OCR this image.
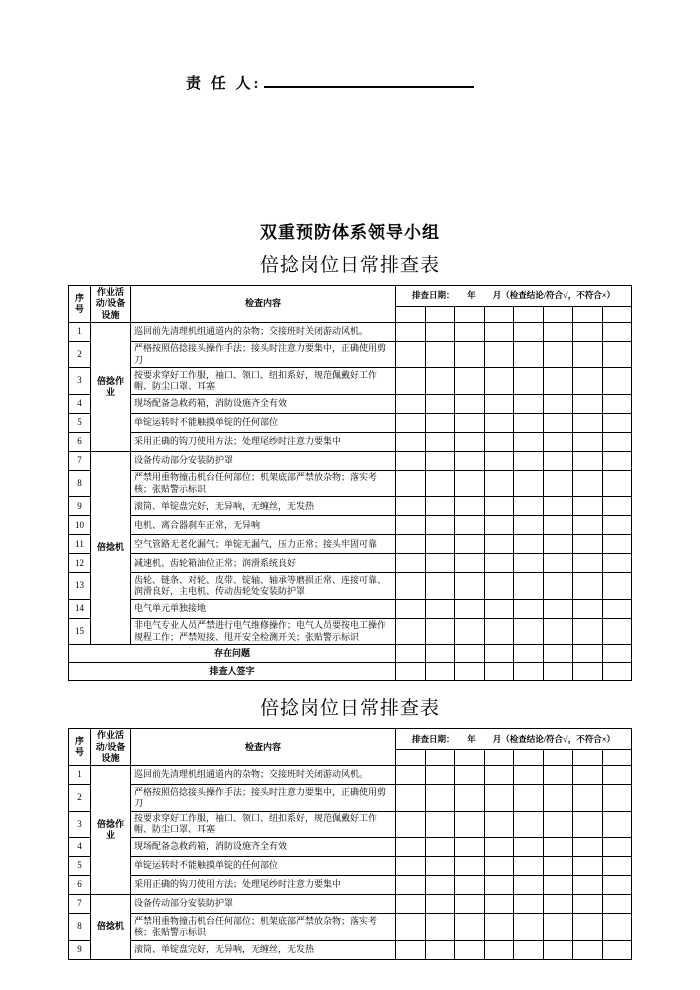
责 任 人:
双重预防体系领导小组
倍捻岗位日常排查表
序号	作业活动/设备设施	检查内容	排查日期：　　年　　月（检查结论/符合√，不符合×）							

1	倍捻作业	巡回前先清理机组通道内的杂物；交接班时关闭游动风机。								
2		严格按照倍捻接头操作手法；接头时注意力要集中，正确使用剪刀								
3		按要求穿好工作服，袖口、领口、纽扣系好，规范佩戴好工作帽、防尘口罩、耳塞								
4		现场配备急救药箱，消防设施齐全有效								
5		单锭运转时不能触摸单锭的任何部位								
6		采用正确的钩刀使用方法；处理尾纱时注意力要集中								
7	倍捻机	设备传动部分安装防护罩								
8		严禁用重物撞击机台任何部位；机架底部严禁放杂物；落实考核；张贴警示标识								
9		滚筒、单锭盘完好，无异响，无缠丝，无发热								
10		电机、离合器刹车正常，无异响								
11		空气管路无老化漏气；单锭无漏气，压力正常；接头牢固可靠								
12		减速机、齿轮箱油位正常；润滑系统良好								
13		齿轮、链条、对轮、皮带、锭轴、轴承等磨损正常、连接可靠、润滑良好，主电机、传动齿轮处安装防护罩								
14		电气单元单独接地								
15		非电气专业人员严禁进行电气维修操作；电气人员要按电工操作规程工作；严禁短接、甩开安全检测开关；张贴警示标识								
存在问题										
排查人签字										
倍捻岗位日常排查表
序号	作业活动/设备设施	检查内容	排查日期：　　年　　月（检查结论/符合√，不符合×）							

1	倍捻作业	巡回前先清理机组通道内的杂物；交接班时关闭游动风机。								
2		严格按照倍捻接头操作手法；接头时注意力要集中，正确使用剪刀								
3		按要求穿好工作服，袖口、领口、纽扣系好，规范佩戴好工作帽、防尘口罩、耳塞								
4		现场配备急救药箱，消防设施齐全有效								
5		单锭运转时不能触摸单锭的任何部位								
6		采用正确的钩刀使用方法；处理尾纱时注意力要集中								
7	倍捻机	设备传动部分安装防护罩								
8		严禁用重物撞击机台任何部位；机架底部严禁放杂物；落实考核；张贴警示标识								
9		滚筒、单锭盘完好，无异响，无缠丝，无发热								
